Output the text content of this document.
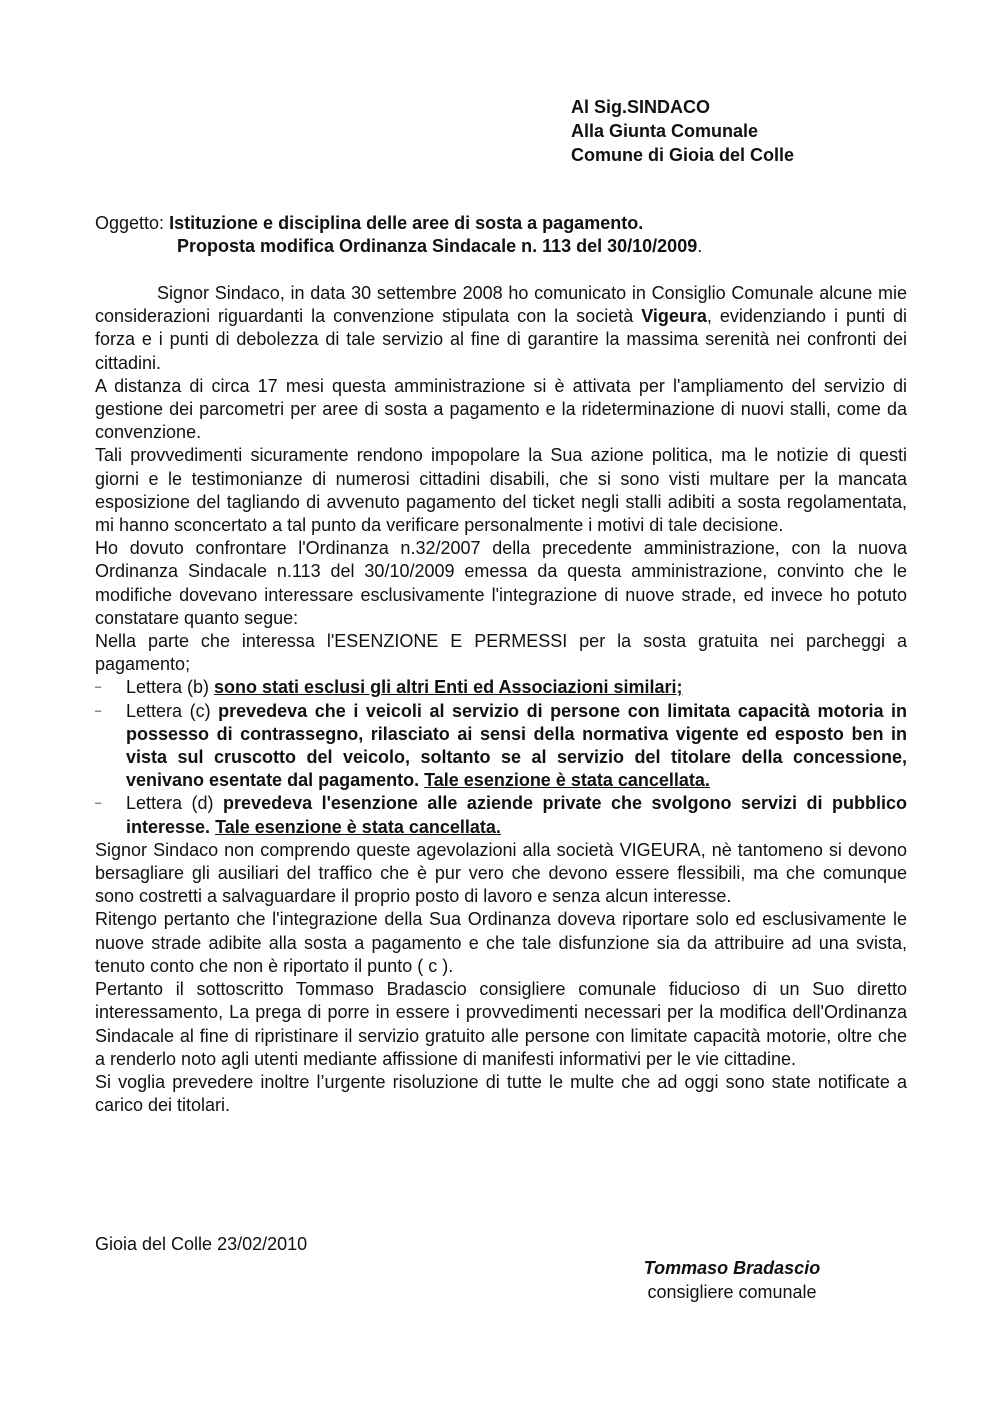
Al Sig.SINDACO
Alla Giunta Comunale
Comune di Gioia del Colle
Oggetto: Istituzione e disciplina delle aree di sosta a pagamento.
Proposta modifica Ordinanza Sindacale n. 113 del 30/10/2009.

Signor Sindaco, in data 30 settembre 2008 ho comunicato in Consiglio Comunale alcune mie considerazioni riguardanti la convenzione stipulata con la società Vigeura, evidenziando i punti di forza e i punti di debolezza di tale servizio al fine di garantire la massima serenità nei confronti dei cittadini.

A distanza di circa 17 mesi questa amministrazione si è attivata per l'ampliamento del servizio di gestione dei parcometri per aree di sosta a pagamento e la rideterminazione di nuovi stalli, come da convenzione.

Tali provvedimenti sicuramente rendono impopolare la Sua azione politica, ma le notizie di questi giorni e le testimonianze di numerosi cittadini disabili, che si sono visti multare per la mancata esposizione del tagliando di avvenuto pagamento del ticket negli stalli adibiti a sosta regolamentata, mi hanno sconcertato a tal punto da verificare personalmente i motivi di tale decisione.

Ho dovuto confrontare l'Ordinanza n.32/2007 della precedente amministrazione, con la nuova Ordinanza Sindacale n.113 del 30/10/2009 emessa da questa amministrazione, convinto che le modifiche dovevano interessare esclusivamente l'integrazione di nuove strade, ed invece ho potuto constatare quanto segue:

Nella parte che interessa l'ESENZIONE E PERMESSI per la sosta gratuita nei parcheggi a pagamento;

– Lettera (b) sono stati esclusi gli altri Enti ed Associazioni similari;
– Lettera (c) prevedeva che i veicoli al servizio di persone con limitata capacità motoria in possesso di contrassegno, rilasciato ai sensi della normativa vigente ed esposto ben in vista sul cruscotto del veicolo, soltanto se al servizio del titolare della concessione, venivano esentate dal pagamento. Tale esenzione è stata cancellata.
– Lettera (d) prevedeva l'esenzione alle aziende private che svolgono servizi di pubblico interesse. Tale esenzione è stata cancellata.

Signor Sindaco non comprendo queste agevolazioni alla società VIGEURA, nè tantomeno si devono bersagliare gli ausiliari del traffico che è pur vero che devono essere flessibili, ma che comunque sono costretti a salvaguardare il proprio posto di lavoro e senza alcun interesse.

Ritengo pertanto che l'integrazione della Sua Ordinanza doveva riportare solo ed esclusivamente le nuove strade adibite alla sosta a pagamento e che tale disfunzione sia da attribuire ad una svista, tenuto conto che non è riportato il punto ( c ).

Pertanto il sottoscritto Tommaso Bradascio consigliere comunale fiducioso di un Suo diretto interessamento, La prega di porre in essere i provvedimenti necessari per la modifica dell'Ordinanza Sindacale al fine di ripristinare il servizio gratuito alle persone con limitate capacità motorie, oltre che a renderlo noto agli utenti mediante affissione di manifesti informativi per le vie cittadine.

Si voglia prevedere inoltre l’urgente risoluzione di tutte le multe che ad oggi sono state notificate a carico dei titolari.

Gioia del Colle 23/02/2010
Tommaso Bradascio
consigliere comunale
